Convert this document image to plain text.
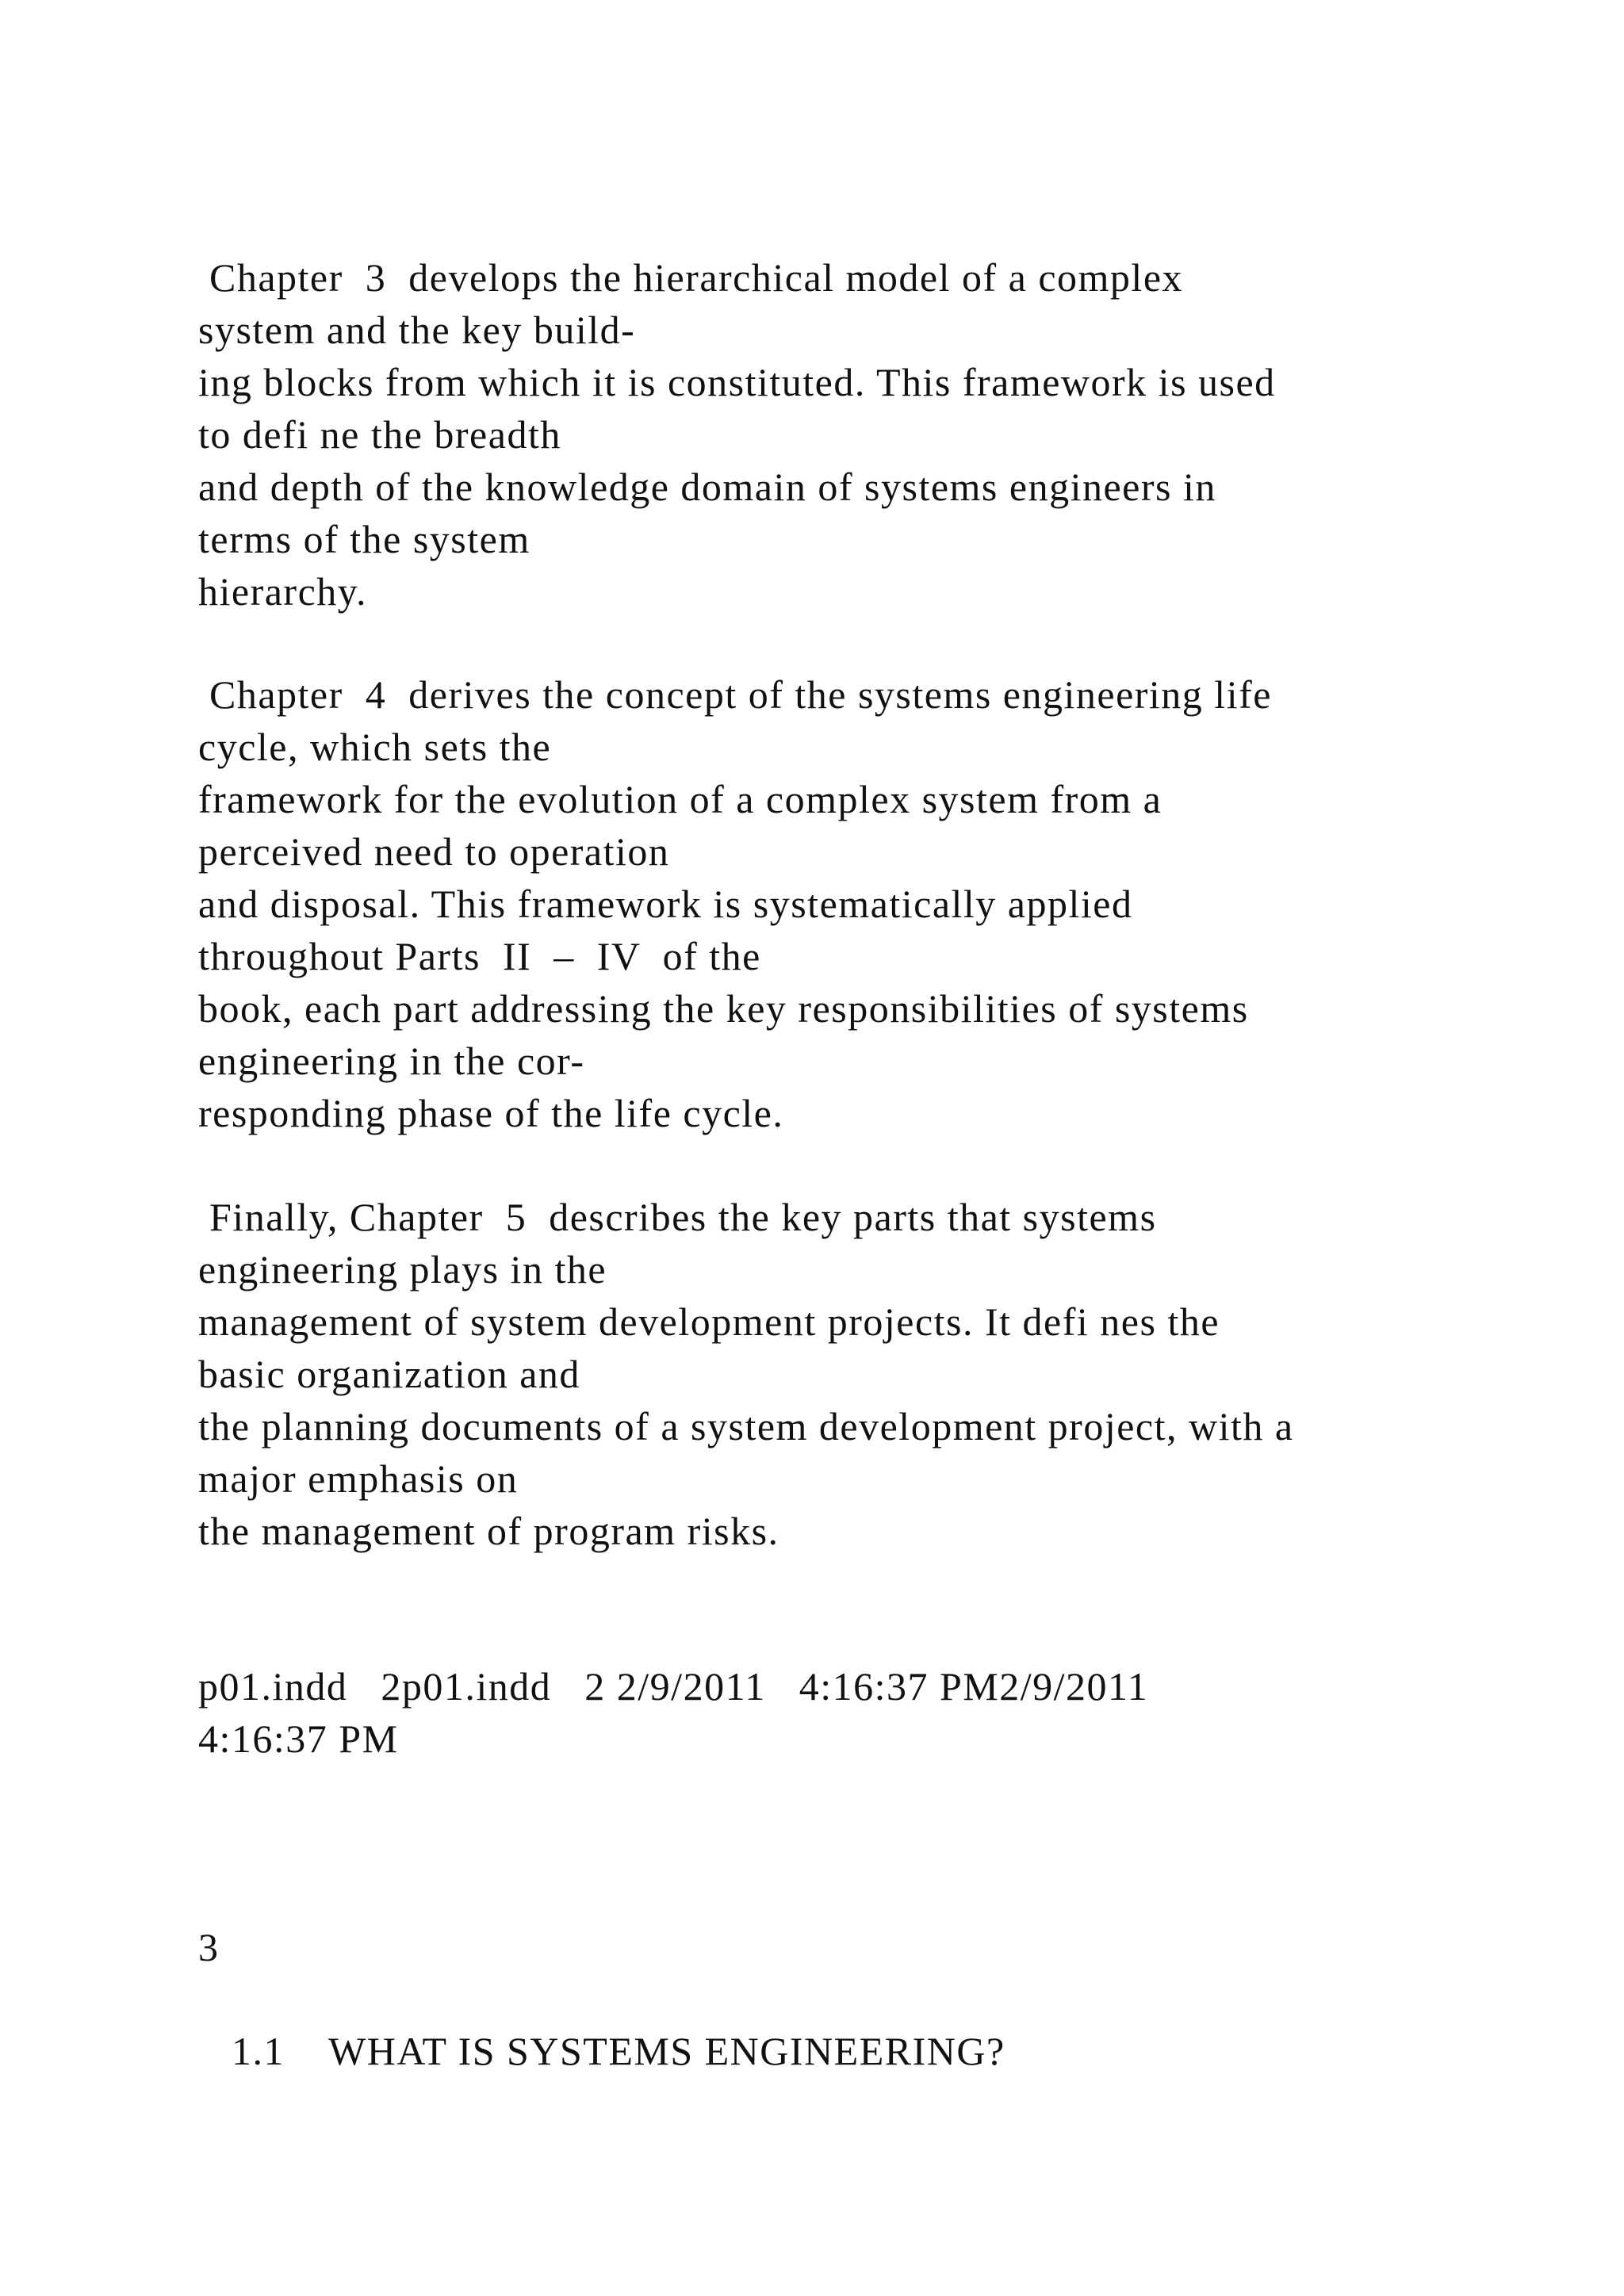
Chapter  3  develops the hierarchical model of a complex
system and the key build-
ing blocks from which it is constituted. This framework is used
to defi ne the breadth
and depth of the knowledge domain of systems engineers in
terms of the system
hierarchy.
Chapter  4  derives the concept of the systems engineering life
cycle, which sets the
framework for the evolution of a complex system from a
perceived need to operation
and disposal. This framework is systematically applied
throughout Parts  II  –  IV  of the
book, each part addressing the key responsibilities of systems
engineering in the cor-
responding phase of the life cycle.
Finally, Chapter  5  describes the key parts that systems
engineering plays in the
management of system development projects. It defi nes the
basic organization and
the planning documents of a system development project, with a
major emphasis on
the management of program risks.
p01.indd   2p01.indd   2 2/9/2011   4:16:37 PM2/9/2011
4:16:37 PM
3
1.1    WHAT IS SYSTEMS ENGINEERING?
